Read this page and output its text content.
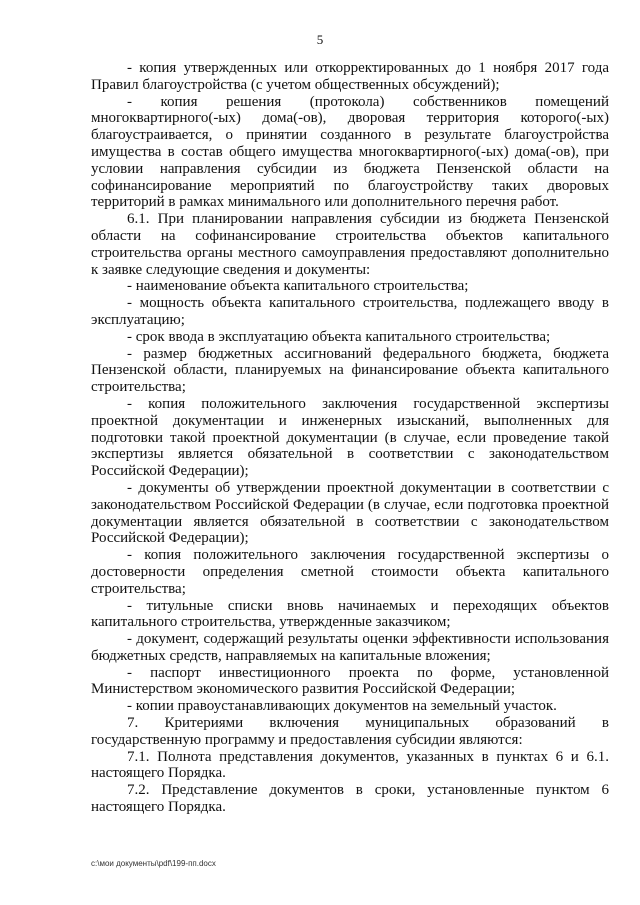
5

- копия утвержденных или откорректированных до 1 ноября 2017 года Правил благоустройства (с учетом общественных обсуждений);

- копия решения (протокола) собственников помещений многоквартирного(-ых) дома(-ов), дворовая территория которого(-ых) благоустраивается, о принятии созданного в результате благоустройства имущества в состав общего имущества многоквартирного(-ых) дома(-ов), при условии направления субсидии из бюджета Пензенской области на софинансирование мероприятий по благоустройству таких дворовых территорий в рамках минимального или дополнительного перечня работ.

6.1. При планировании направления субсидии из бюджета Пензенской области на софинансирование строительства объектов капитального строительства органы местного самоуправления предоставляют дополнительно к заявке следующие сведения и документы:

- наименование объекта капитального строительства;

- мощность объекта капитального строительства, подлежащего вводу в эксплуатацию;

- срок ввода в эксплуатацию объекта капитального строительства;

- размер бюджетных ассигнований федерального бюджета, бюджета Пензенской области, планируемых на финансирование объекта капитального строительства;

- копия положительного заключения государственной экспертизы проектной документации и инженерных изысканий, выполненных для подготовки такой проектной документации (в случае, если проведение такой экспертизы является обязательной в соответствии с законодательством Российской Федерации);

- документы об утверждении проектной документации в соответствии с законодательством Российской Федерации (в случае, если подготовка проектной документации является обязательной в соответствии с законодательством Российской Федерации);

- копия положительного заключения государственной экспертизы о достоверности определения сметной стоимости объекта капитального строительства;

- титульные списки вновь начинаемых и переходящих объектов капитального строительства, утвержденные заказчиком;

- документ, содержащий результаты оценки эффективности использования бюджетных средств, направляемых на капитальные вложения;

- паспорт инвестиционного проекта по форме, установленной Министерством экономического развития Российской Федерации;

- копии правоустанавливающих документов на земельный участок.

7. Критериями включения муниципальных образований в государственную программу и предоставления субсидии являются:

7.1. Полнота представления документов, указанных в пунктах 6 и 6.1. настоящего Порядка.

7.2. Представление документов в сроки, установленные пунктом 6 настоящего Порядка.

c:\мои документы\pdf\199-пп.docx
